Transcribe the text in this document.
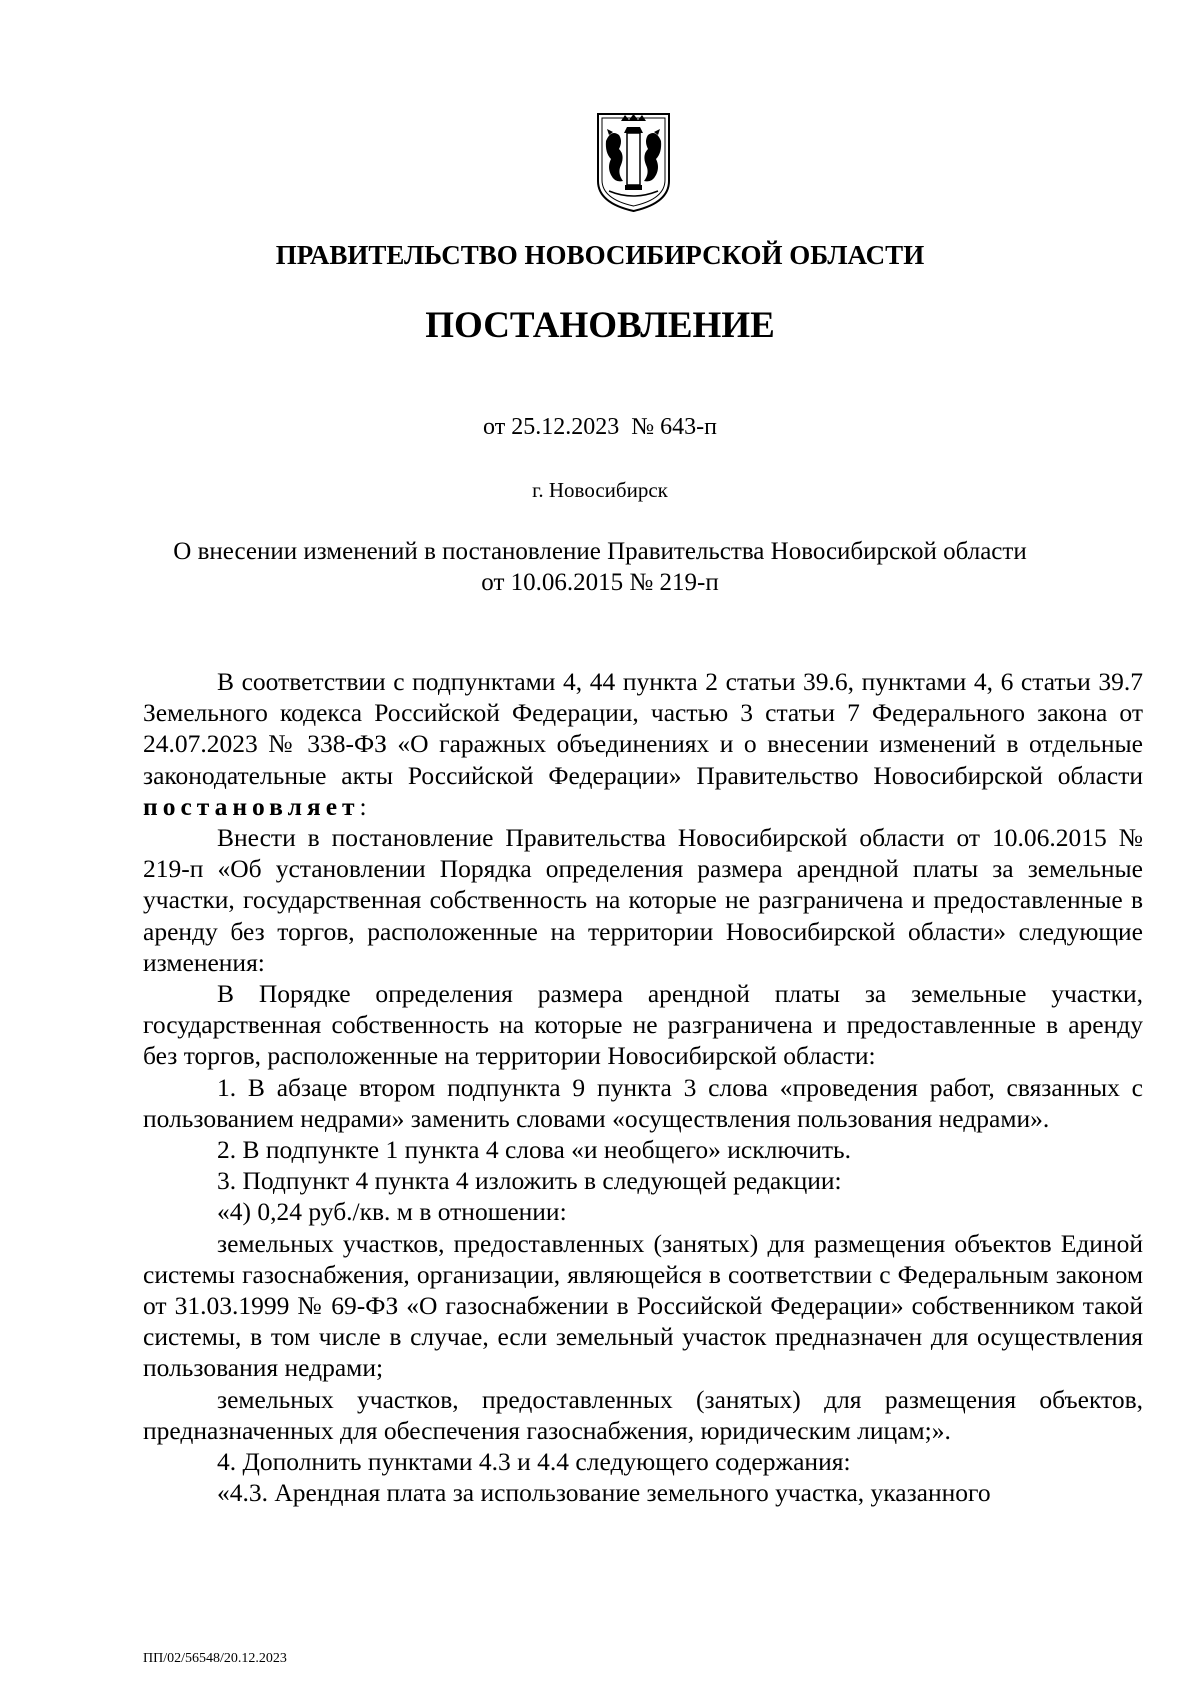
ПРАВИТЕЛЬСТВО НОВОСИБИРСКОЙ ОБЛАСТИ
ПОСТАНОВЛЕНИЕ
от 25.12.2023  № 643-п
г. Новосибирск
О внесении изменений в постановление Правительства Новосибирской области
от 10.06.2015 № 219-п

В соответствии с подпунктами 4, 44 пункта 2 статьи 39.6, пунктами 4, 6 статьи 39.7 Земельного кодекса Российской Федерации, частью 3 статьи 7 Федерального закона от 24.07.2023 № 338-ФЗ «О гаражных объединениях и о внесении изменений в отдельные законодательные акты Российской Федерации» Правительство Новосибирской области постановляет:

Внести в постановление Правительства Новосибирской области от 10.06.2015 № 219-п «Об установлении Порядка определения размера арендной платы за земельные участки, государственная собственность на которые не разграничена и предоставленные в аренду без торгов, расположенные на территории Новосибирской области» следующие изменения:

В Порядке определения размера арендной платы за земельные участки, государственная собственность на которые не разграничена и предоставленные в аренду без торгов, расположенные на территории Новосибирской области:

1. В абзаце втором подпункта 9 пункта 3 слова «проведения работ, связанных с пользованием недрами» заменить словами «осуществления пользования недрами».

2. В подпункте 1 пункта 4 слова «и необщего» исключить.

3. Подпункт 4 пункта 4 изложить в следующей редакции:

«4) 0,24 руб./кв. м в отношении:

земельных участков, предоставленных (занятых) для размещения объектов Единой системы газоснабжения, организации, являющейся в соответствии с Федеральным законом от 31.03.1999 № 69-ФЗ «О газоснабжении в Российской Федерации» собственником такой системы, в том числе в случае, если земельный участок предназначен для осуществления пользования недрами;

земельных участков, предоставленных (занятых) для размещения объектов, предназначенных для обеспечения газоснабжения, юридическим лицам;».

4. Дополнить пунктами 4.3 и 4.4 следующего содержания:

«4.3. Арендная плата за использование земельного участка, указанного

ПП/02/56548/20.12.2023
